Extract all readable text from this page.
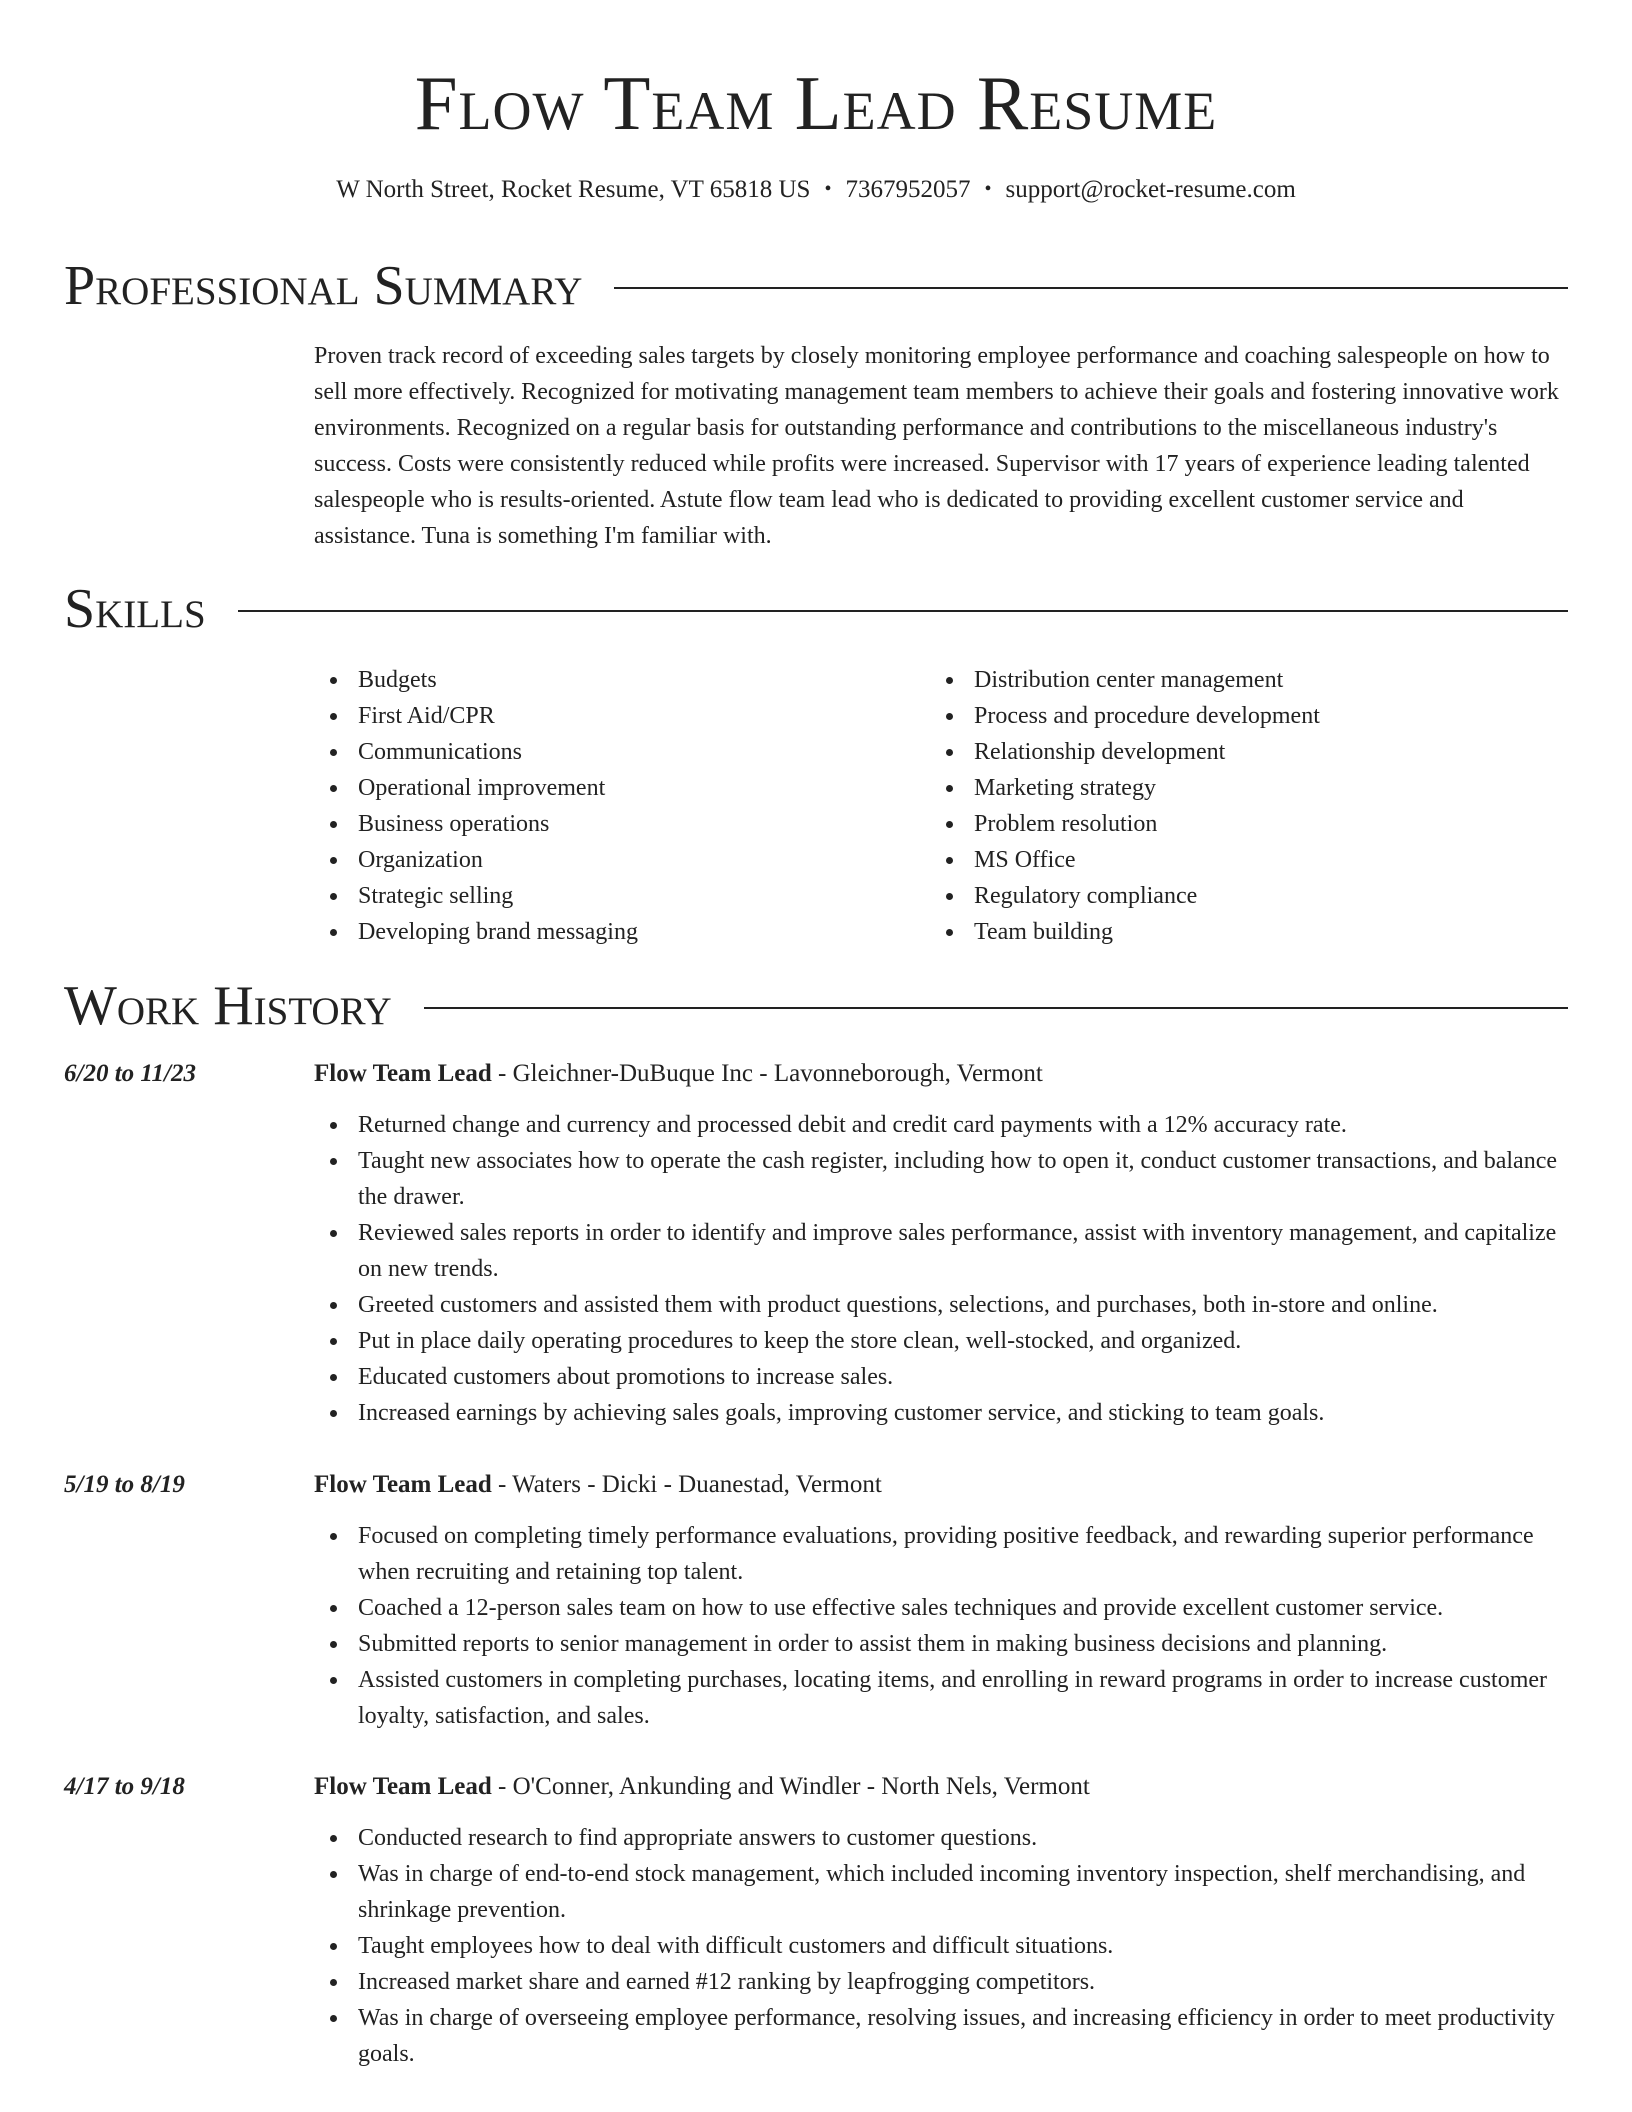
Flow Team Lead Resume
W North Street, Rocket Resume, VT 65818 US • 7367952057 • support@rocket-resume.com
Professional Summary

Proven track record of exceeding sales targets by closely monitoring employee performance and coaching salespeople on how to sell more effectively. Recognized for motivating management team members to achieve their goals and fostering innovative work environments. Recognized on a regular basis for outstanding performance and contributions to the miscellaneous industry's success. Costs were consistently reduced while profits were increased. Supervisor with 17 years of experience leading talented salespeople who is results-oriented. Astute flow team lead who is dedicated to providing excellent customer service and assistance. Tuna is something I'm familiar with.

Skills
Budgets
First Aid/CPR
Communications
Operational improvement
Business operations
Organization
Strategic selling
Developing brand messaging
Distribution center management
Process and procedure development
Relationship development
Marketing strategy
Problem resolution
MS Office
Regulatory compliance
Team building
Work History
6/20 to 11/23	Flow Team Lead - Gleichner-DuBuque Inc - Lavonneborough, Vermont
Returned change and currency and processed debit and credit card payments with a 12% accuracy rate.
Taught new associates how to operate the cash register, including how to open it, conduct customer transactions, and balance the drawer.
Reviewed sales reports in order to identify and improve sales performance, assist with inventory management, and capitalize on new trends.
Greeted customers and assisted them with product questions, selections, and purchases, both in-store and online.
Put in place daily operating procedures to keep the store clean, well-stocked, and organized.
Educated customers about promotions to increase sales.
Increased earnings by achieving sales goals, improving customer service, and sticking to team goals.
5/19 to 8/19	Flow Team Lead - Waters - Dicki - Duanestad, Vermont
Focused on completing timely performance evaluations, providing positive feedback, and rewarding superior performance when recruiting and retaining top talent.
Coached a 12-person sales team on how to use effective sales techniques and provide excellent customer service.
Submitted reports to senior management in order to assist them in making business decisions and planning.
Assisted customers in completing purchases, locating items, and enrolling in reward programs in order to increase customer loyalty, satisfaction, and sales.
4/17 to 9/18	Flow Team Lead - O'Conner, Ankunding and Windler - North Nels, Vermont
Conducted research to find appropriate answers to customer questions.
Was in charge of end-to-end stock management, which included incoming inventory inspection, shelf merchandising, and shrinkage prevention.
Taught employees how to deal with difficult customers and difficult situations.
Increased market share and earned #12 ranking by leapfrogging competitors.
Was in charge of overseeing employee performance, resolving issues, and increasing efficiency in order to meet productivity goals.
